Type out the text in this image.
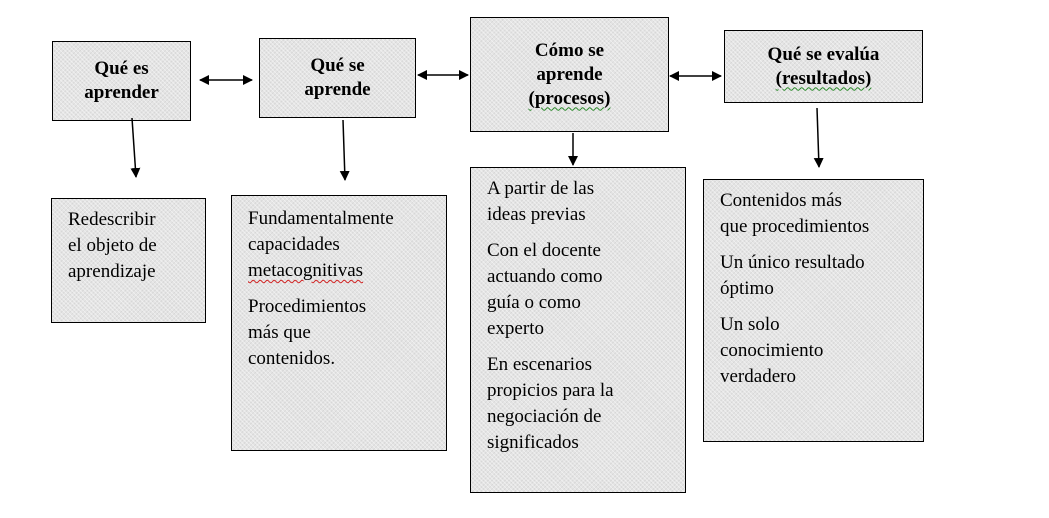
Qué es
aprender
Qué se
aprende
Cómo se
aprende
(procesos)
Qué se evalúa
(resultados)

Redescribir
el objeto de
aprendizaje

Fundamentalmente
capacidades
metacognitivas

Procedimientos
más que
contenidos.

A partir de las
ideas previas

Con el docente
actuando como
guía o como
experto

En escenarios
propicios para la
negociación de
significados

Contenidos más
que procedimientos

Un único resultado
óptimo

Un solo
conocimiento
verdadero
